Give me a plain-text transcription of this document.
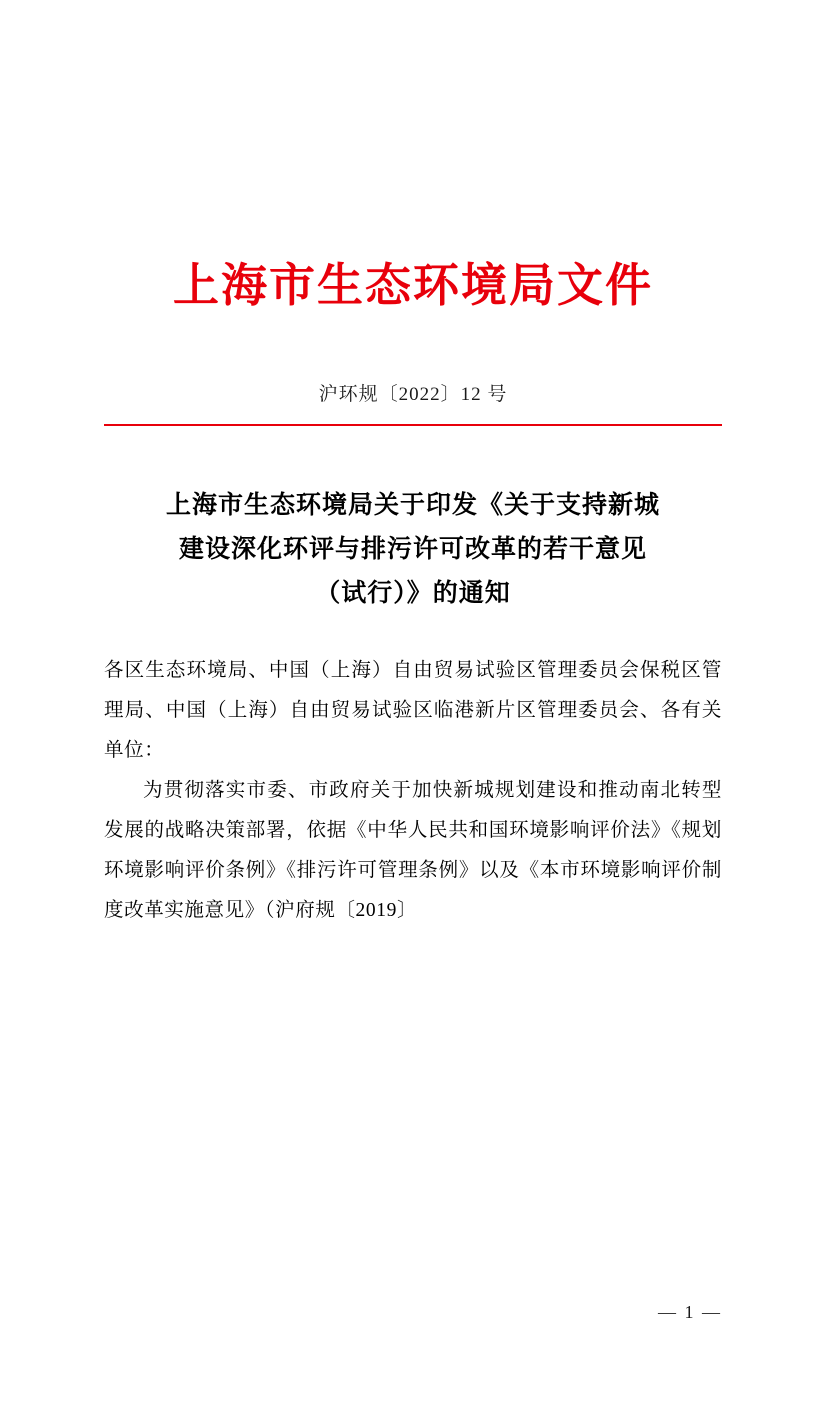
上海市生态环境局文件
沪环规〔2022〕12 号
上海市生态环境局关于印发《关于支持新城
建设深化环评与排污许可改革的若干意见
（试行）》的通知

各区生态环境局、中国（上海）自由贸易试验区管理委员会保税区管理局、中国（上海）自由贸易试验区临港新片区管理委员会、各有关单位：

为贯彻落实市委、市政府关于加快新城规划建设和推动南北转型发展的战略决策部署，依据《中华人民共和国环境影响评价法》《规划环境影响评价条例》《排污许可管理条例》以及《本市环境影响评价制度改革实施意见》（沪府规〔2019〕

— 1 —
